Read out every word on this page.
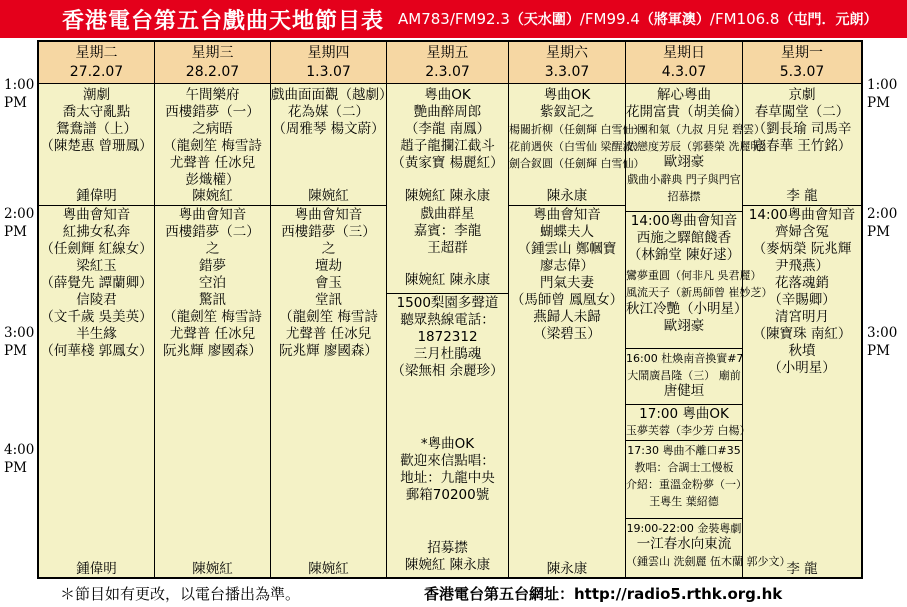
香港電台第五台戲曲天地節目表 AM783/FM92.3 （天水圍） /FM99.4 （將軍澳） /FM106.8 （屯門．元朗）
1:00
PM
2:00
PM
3:00
PM
4:00
PM
1:00
PM
2:00
PM
3:00
PM
星期二
27.2.07
潮劇
喬太守亂點
鴛鴦譜（上）
（陳楚惠 曾珊鳳）
鍾偉明
粵曲會知音
紅拂女私奔
（任劍輝 紅線女）
梁紅玉
（薛覺先 譚蘭卿）
信陵君
（文千歲 吳美英）
半生緣
（何華棧 郭鳳女）
鍾偉明
星期三
28.2.07
午間樂府
西樓錯夢（一）
之病晤
（龍劍笙 梅雪詩
尤聲普 任冰兒
彭熾權）
陳婉紅
粵曲會知音
西樓錯夢（二）
之
錯夢
空泊
驚訊
（龍劍笙 梅雪詩
尤聲普 任冰兒
阮兆輝 廖國森）
陳婉紅
星期四
1.3.07
戲曲面面觀（越劇）
花為媒（二）
（周雅琴 楊文蔚）
陳婉紅
粵曲會知音
西樓錯夢（三）
之
壇劫
會玉
堂訊
（龍劍笙 梅雪詩
尤聲普 任冰兒
阮兆輝 廖國森）
陳婉紅
星期五
2.3.07
粵曲OK
艷曲醉周郎
（李龍 南鳳）
趙子龍攔江截斗
（黃家寶 楊麗紅）
陳婉紅 陳永康
戲曲群星
嘉賓：李龍
王超群
陳婉紅 陳永康
1500梨園多聲道
聽眾熱線電話：
1872312
三月杜鵑魂
（梁無相 余麗珍）
*粵曲OK
歡迎來信點唱：
地址：九龍中央
郵箱70200號
招募㩒
陳婉紅 陳永康
星期六
3.3.07
粵曲OK
紫釵記之
楊關折柳（任劍輝 白雪仙）
花前遇俠（白雪仙 梁醒波）
劍合釵圓（任劍輝 白雪仙）
陳永康
粵曲會知音
蝴蝶夫人
（鍾雲山 鄭幗寶
廖志偉）
門氣夫妻
（馬師曾 鳳凰女）
燕歸人未歸
（梁碧玉）
陳永康
星期日
4.3.07
解心粵曲
花開富貴（胡美倫）
一團和氣（九叔 月兒 碧雲）
依戀度芳辰（郭藝榮 冼麗明）
歐翊豪
戲曲小辭典 門子與門官
招慕㩒
14:00粵曲會知音
西施之驛館餞香
（林錦堂 陳好逑）
鸞夢重圓（何非凡 吳君麗）
風流天子（新馬師曾 崔妙芝）
秋江冷艷（小明星）
歐翊豪
16:00 杜煥南音換實#7
大鬧廣昌隆（三） 廟前
唐健垣
17:00 粵曲OK
玉夢芙蓉（李少芳 白楊）
17:30 粵曲不離口#35
教唱：合調士工慢板
介紹：重溫金粉夢（一）
王粵生 葉紹德
19:00-22:00 金裝粵劇
一江春水向東流
（鍾雲山 洗劍麗 伍木蘭 郭少文）
星期一
5.3.07
京劇
春草闖堂（二）
（劉長瑜 司馬辛
寇春華 王竹銘）
李 龍
14:00粵曲會知音
齊婦含冤
（麥炳榮 阮兆輝
尹飛燕）
花落魂銷
（辛賜卿）
清宮明月
（陳寶珠 南紅）
秋墳
（小明星）
李 龍
＊節目如有更改，以電台播出為準。	香港電台第五台網址：http://radio5.rthk.org.hk
